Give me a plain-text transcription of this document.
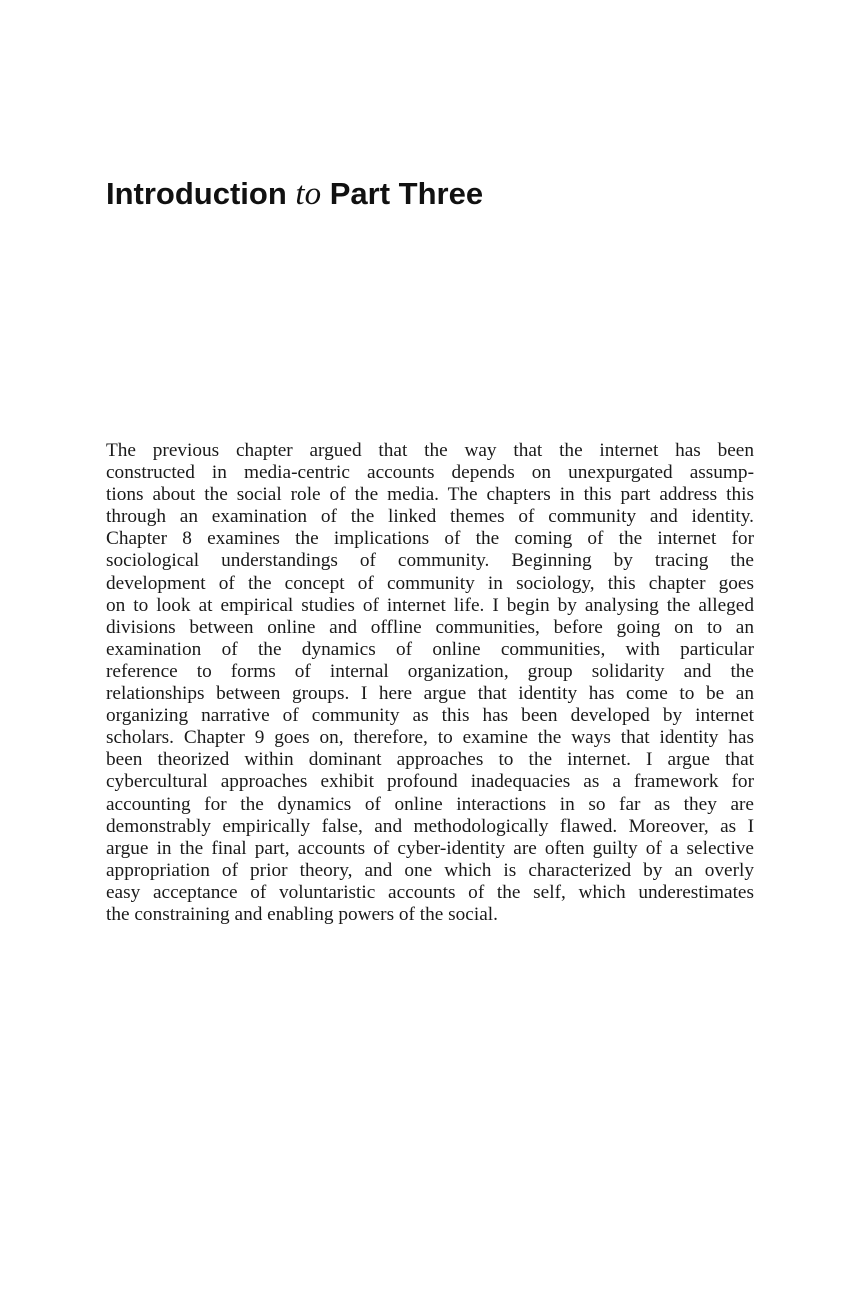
Introduction to Part Three
The previous chapter argued that the way that the internet has been
constructed in media-centric accounts depends on unexpurgated assump-
tions about the social role of the media. The chapters in this part address this
through an examination of the linked themes of community and identity.
Chapter 8 examines the implications of the coming of the internet for
sociological understandings of community. Beginning by tracing the
development of the concept of community in sociology, this chapter goes
on to look at empirical studies of internet life. I begin by analysing the alleged
divisions between online and offline communities, before going on to an
examination of the dynamics of online communities, with particular
reference to forms of internal organization, group solidarity and the
relationships between groups. I here argue that identity has come to be an
organizing narrative of community as this has been developed by internet
scholars. Chapter 9 goes on, therefore, to examine the ways that identity has
been theorized within dominant approaches to the internet. I argue that
cybercultural approaches exhibit profound inadequacies as a framework for
accounting for the dynamics of online interactions in so far as they are
demonstrably empirically false, and methodologically flawed. Moreover, as I
argue in the final part, accounts of cyber-identity are often guilty of a selective
appropriation of prior theory, and one which is characterized by an overly
easy acceptance of voluntaristic accounts of the self, which underestimates
the constraining and enabling powers of the social.
